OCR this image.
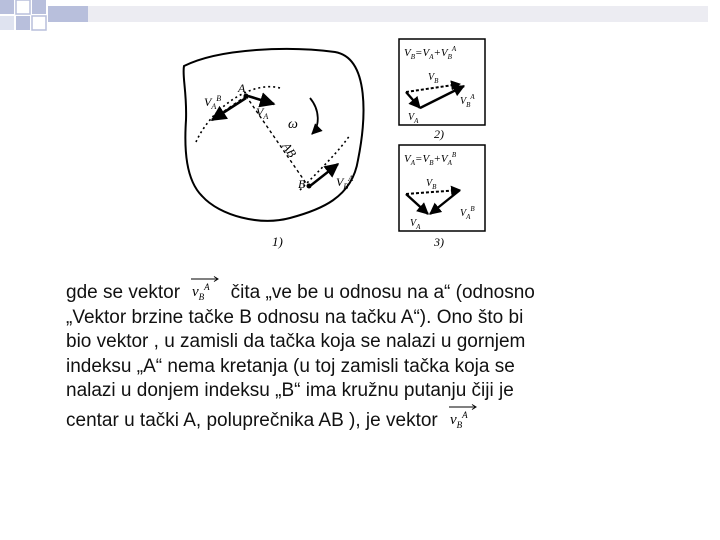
A
B
AB
ω
$V_A$
$V_A^B$
$V_B^A$
1)
$V_B=V_A+V_B^A$
$V_B$
$V_A$
$V_B^A$
2)
$V_A=V_B+V_A^B$
$V_B$
$V_A$
$V_A^B$
3)
gde se vektor $v_B^A$ čita „ve be u odnosu na a“ (odnosno
„Vektor brzine tačke B odnosu na tačku A“). Ono što bi
bio vektor , u zamisli da tačka koja se nalazi u gornjem
indeksu „A“ nema kretanja (u toj zamisli tačka koja se
nalazi u donjem indeksu „B“ ima kružnu putanju čiji je
centar u tački A, poluprečnika AB ), je vektor $v_B^A$
